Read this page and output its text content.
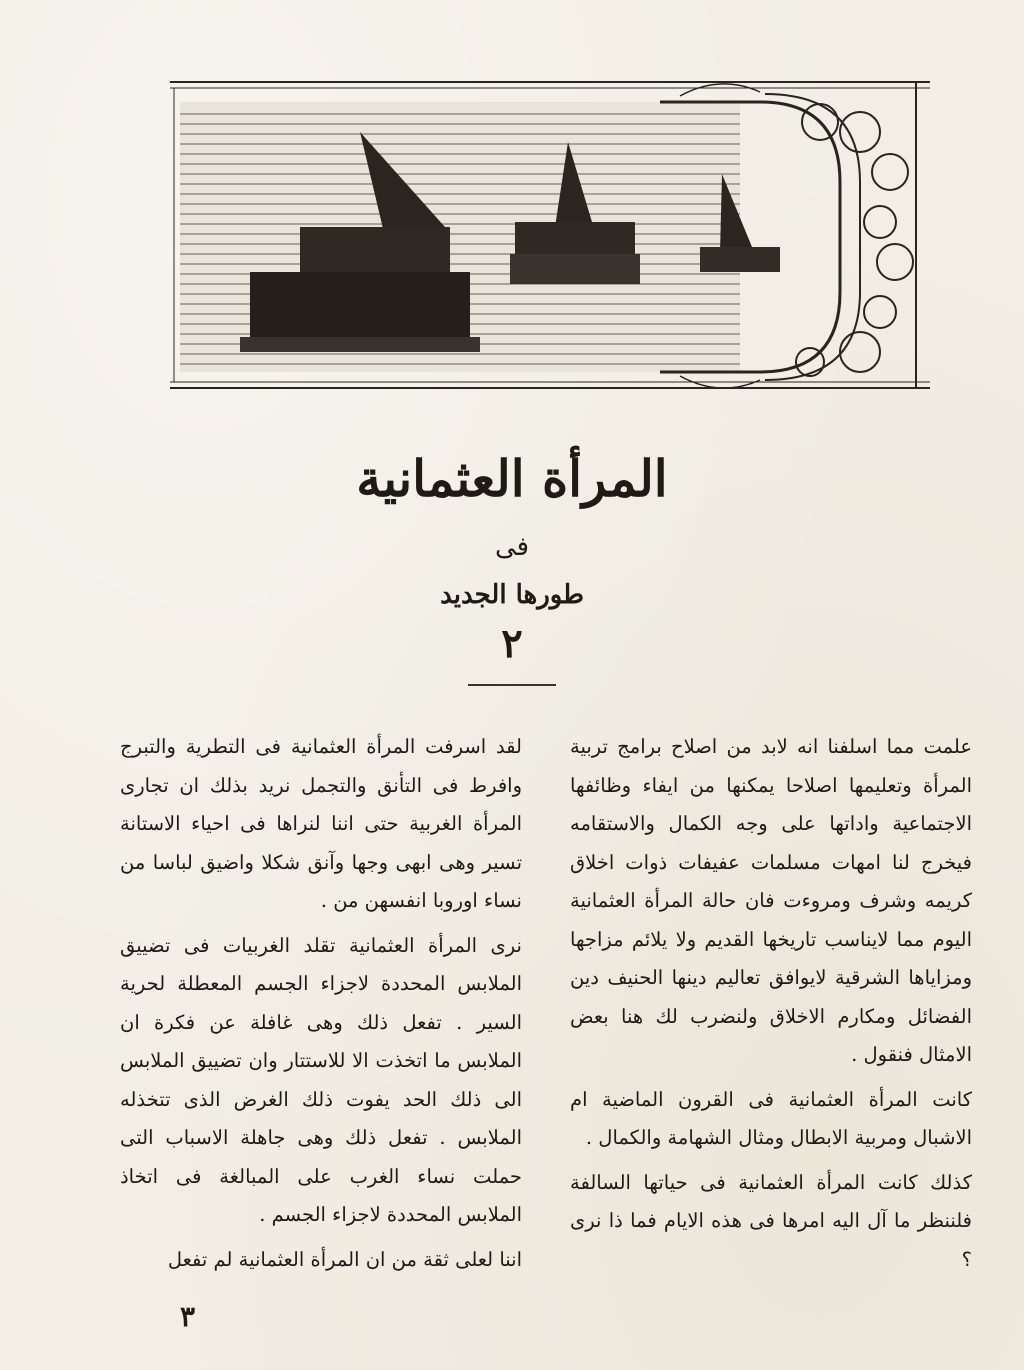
المرأة العثمانية
فى
طورها الجديد
٢

علمت مما اسلفنا انه لابد من اصلاح برامج تربية المرأة وتعليمها اصلاحا يمكنها من ايفاء وظائفها الاجتماعية واداتها على وجه الكمال والاستقامه فيخرج لنا امهات مسلمات عفيفات ذوات اخلاق كريمه وشرف ومروءت فان حالة المرأة العثمانية اليوم مما لايناسب تاريخها القديم ولا يلائم مزاجها ومزاياها الشرقية لايوافق تعاليم دينها الحنيف دين الفضائل ومكارم الاخلاق ولنضرب لك هنا بعض الامثال فنقول .

كانت المرأة العثمانية فى القرون الماضية ام الاشبال ومربية الابطال ومثال الشهامة والكمال .

كذلك كانت المرأة العثمانية فى حياتها السالفة فلننظر ما آل اليه امرها فى هذه الايام فما ذا نرى ؟

لقد اسرفت المرأة العثمانية فى التطرية والتبرج وافرط فى التأنق والتجمل نريد بذلك ان تجارى المرأة الغربية حتى اننا لنراها فى احياء الاستانة تسير وهى ابهى وجها وآنق شكلا واضيق لباسا من نساء اوروبا انفسهن من .

نرى المرأة العثمانية تقلد الغربيات فى تضييق الملابس المحددة لاجزاء الجسم المعطلة لحرية السير . تفعل ذلك وهى غافلة عن فكرة ان الملابس ما اتخذت الا للاستتار وان تضييق الملابس الى ذلك الحد يفوت ذلك الغرض الذى تتخذله الملابس . تفعل ذلك وهى جاهلة الاسباب التى حملت نساء الغرب على المبالغة فى اتخاذ الملابس المحددة لاجزاء الجسم .

اننا لعلى ثقة من ان المرأة العثمانية لم تفعل

٣
